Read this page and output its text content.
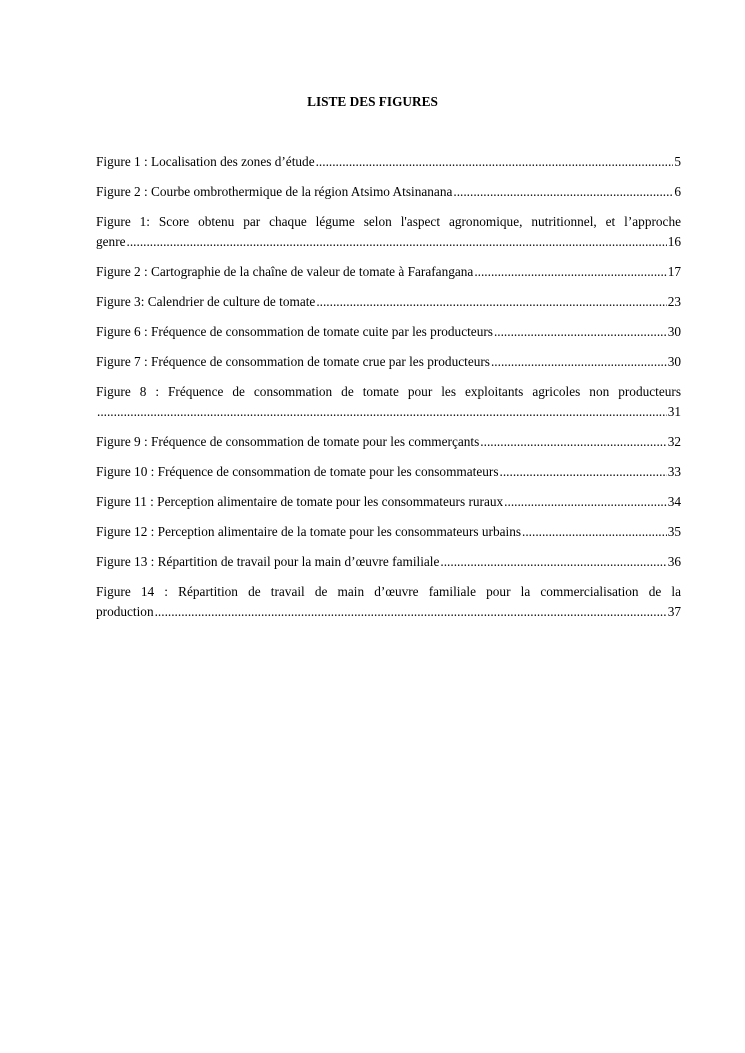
LISTE DES FIGURES
Figure 1 : Localisation des zones d’étude .....	5
Figure 2 : Courbe ombrothermique de la région Atsimo Atsinanana .....	6
Figure 1: Score obtenu par chaque légume selon l'aspect agronomique, nutritionnel, et l’approche
genre .....	16
Figure 2 : Cartographie de la chaîne de valeur de tomate à Farafangana .....	17
Figure 3: Calendrier de culture de tomate .....	23
Figure 6 : Fréquence de consommation de tomate cuite par les producteurs .....	30
Figure 7 : Fréquence de consommation de tomate crue par les producteurs .....	30
Figure 8 : Fréquence de consommation de tomate pour les exploitants agricoles non producteurs
.....
31
Figure 9 : Fréquence de consommation de tomate pour les commerçants .....	32
Figure 10 : Fréquence de consommation de tomate pour les consommateurs .....	33
Figure 11 : Perception alimentaire de tomate pour les consommateurs ruraux .....	34
Figure 12 : Perception alimentaire de la tomate pour les consommateurs urbains .....	35
Figure 13 : Répartition de travail pour la main d’œuvre familiale .....	36
Figure 14 : Répartition de travail de main d’œuvre familiale pour la commercialisation de la
production .....	37
